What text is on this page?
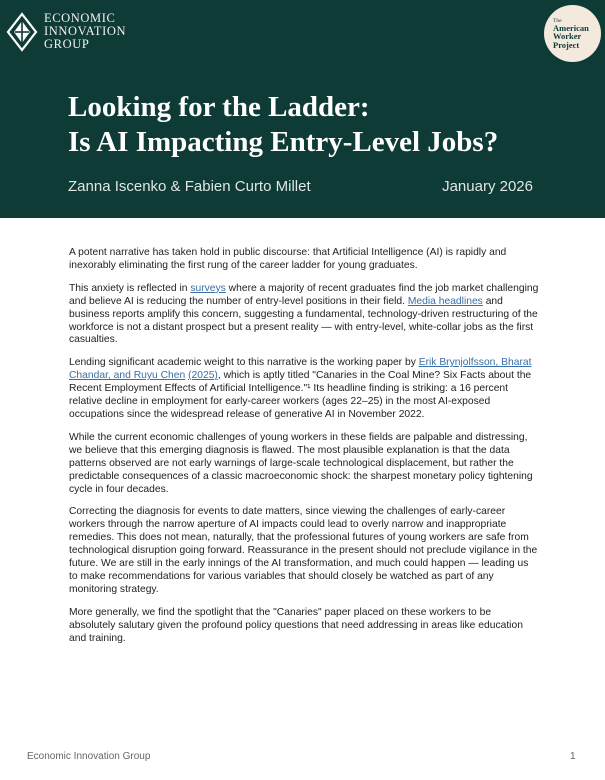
ECONOMIC
INNOVATION
GROUP
The
American
Worker
Project
Looking for the Ladder:
Is AI Impacting Entry-Level Jobs?
Zanna Iscenko & Fabien Curto Millet	January 2026

A potent narrative has taken hold in public discourse: that Artificial Intelligence (AI) is rapidly and inexorably eliminating the first rung of the career ladder for young graduates.

This anxiety is reflected in surveys where a majority of recent graduates find the job market challenging and believe AI is reducing the number of entry-level positions in their field. Media headlines and business reports amplify this concern, suggesting a fundamental, technology-driven restructuring of the workforce is not a distant prospect but a present reality — with entry-level, white-collar jobs as the first casualties.

Lending significant academic weight to this narrative is the working paper by Erik Brynjolfsson, Bharat Chandar, and Ruyu Chen (2025), which is aptly titled "Canaries in the Coal Mine? Six Facts about the Recent Employment Effects of Artificial Intelligence."¹ Its headline finding is striking: a 16 percent relative decline in employment for early-career workers (ages 22–25) in the most AI-exposed occupations since the widespread release of generative AI in November 2022.

While the current economic challenges of young workers in these fields are palpable and distressing, we believe that this emerging diagnosis is flawed. The most plausible explanation is that the data patterns observed are not early warnings of large-scale technological displacement, but rather the predictable consequences of a classic macroeconomic shock: the sharpest monetary policy tightening cycle in four decades.

Correcting the diagnosis for events to date matters, since viewing the challenges of early-career workers through the narrow aperture of AI impacts could lead to overly narrow and inappropriate remedies. This does not mean, naturally, that the professional futures of young workers are safe from technological disruption going forward. Reassurance in the present should not preclude vigilance in the future. We are still in the early innings of the AI transformation, and much could happen — leading us to make recommendations for various variables that should closely be watched as part of any monitoring strategy.

More generally, we find the spotlight that the "Canaries" paper placed on these workers to be absolutely salutary given the profound policy questions that need addressing in areas like education and training.

Economic Innovation Group	1
